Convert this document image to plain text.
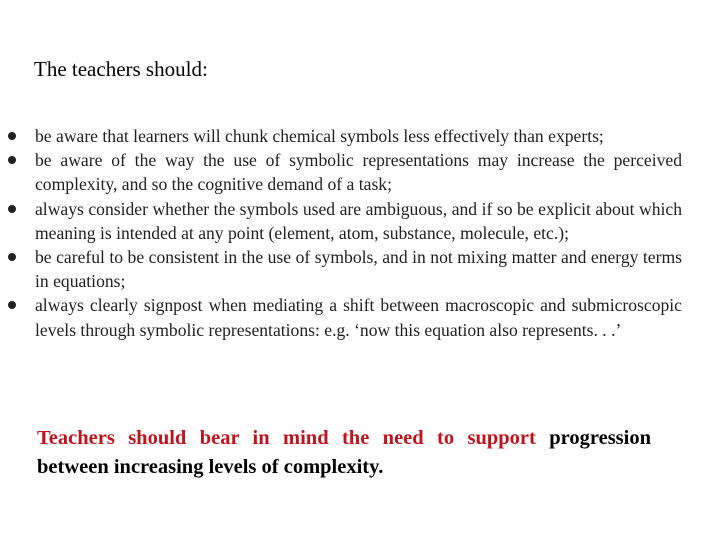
The teachers should:
be aware that learners will chunk chemical symbols less effectively than experts;
be aware of the way the use of symbolic representations may increase the perceived complexity, and so the cognitive demand of a task;
always consider whether the symbols used are ambiguous, and if so be explicit about which meaning is intended at any point (element, atom, substance, molecule, etc.);
be careful to be consistent in the use of symbols, and in not mixing matter and energy terms in equations;
always clearly signpost when mediating a shift between macroscopic and submicroscopic levels through symbolic representations: e.g. ‘now this equation also represents. . .’
Teachers should bear in mind the need to support progression between increasing levels of complexity.
